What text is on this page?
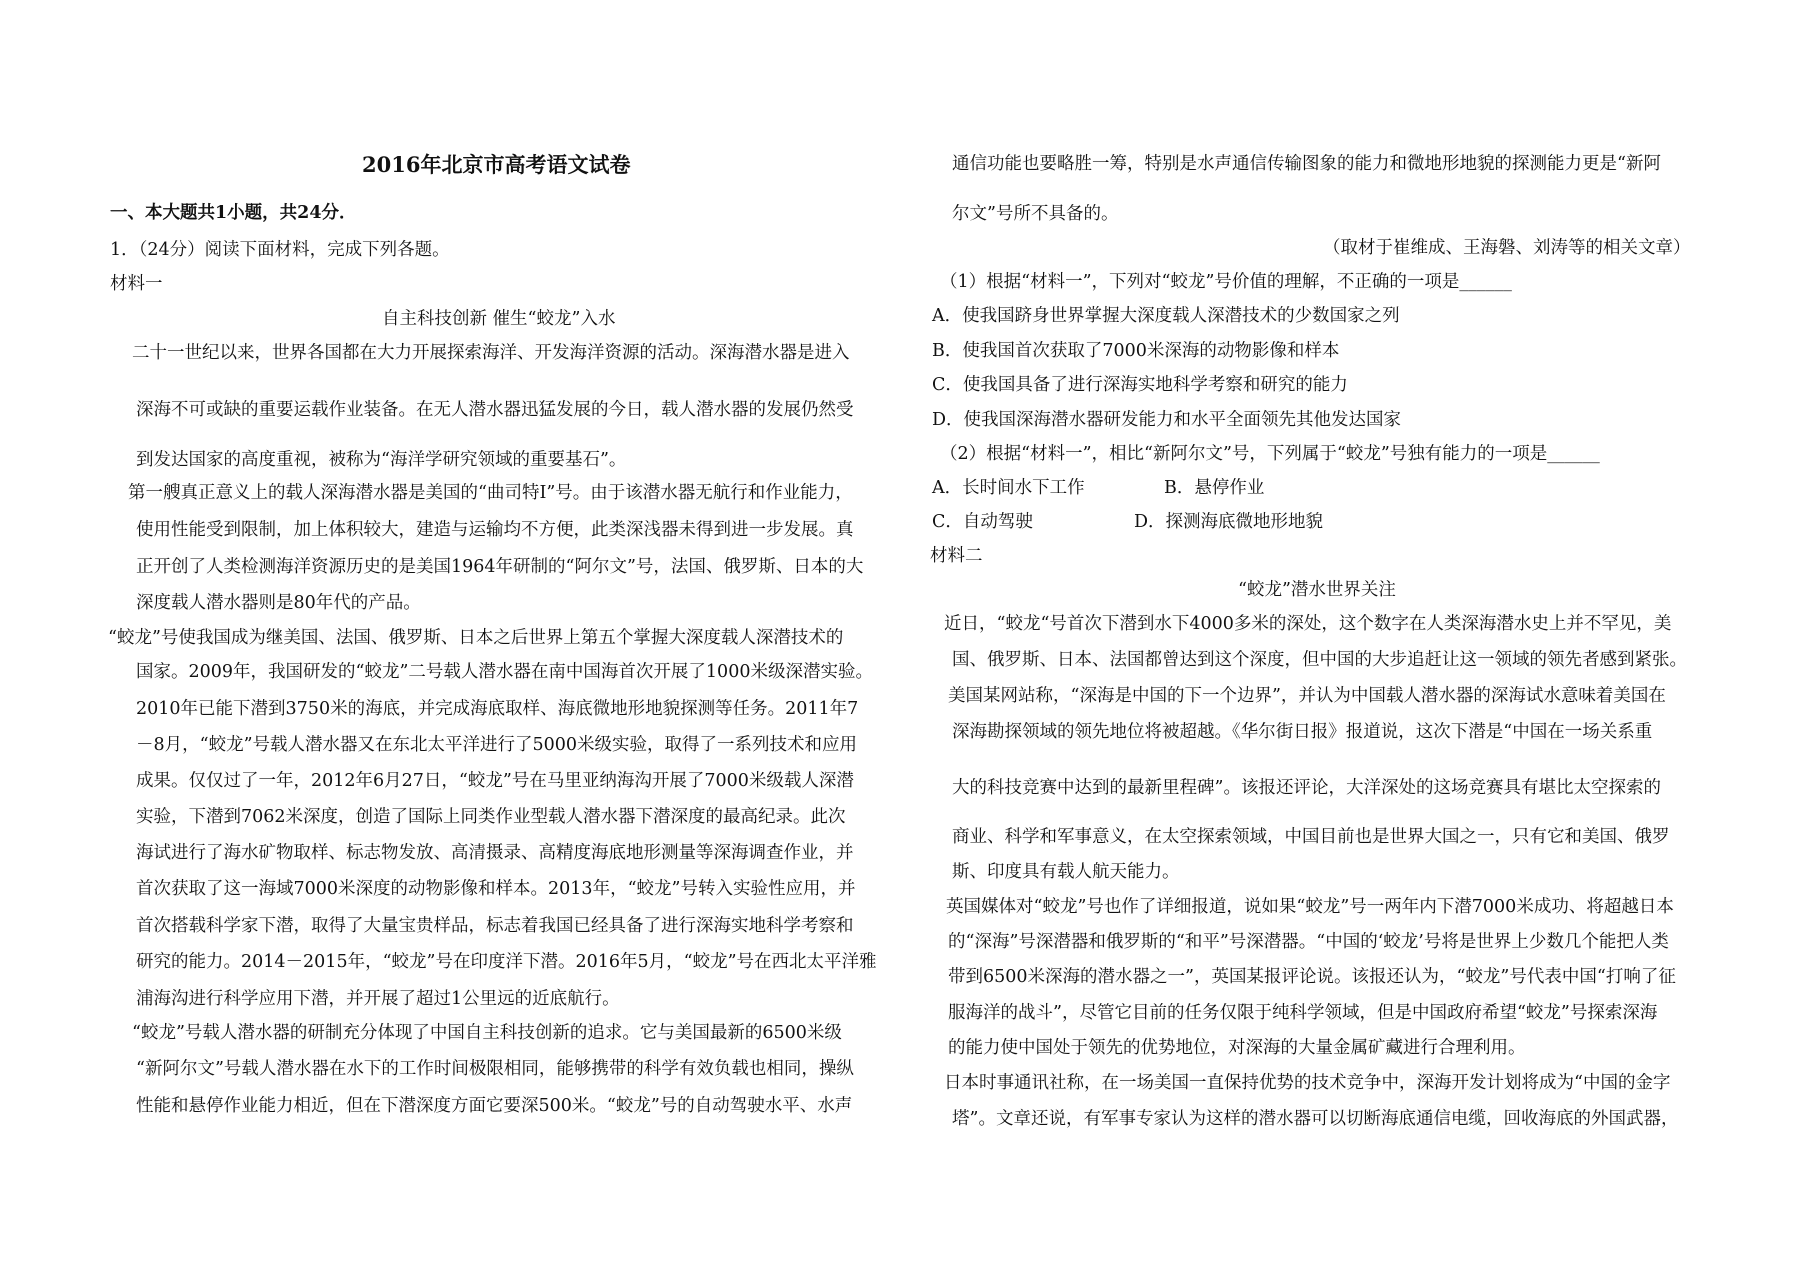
2016年北京市高考语文试卷
一、本大题共1小题，共24分．
1．（24分）阅读下面材料，完成下列各题。
材料一
自主科技创新 催生“蛟龙”入水
二十一世纪以来，世界各国都在大力开展探索海洋、开发海洋资源的活动。深海潜水器是进入
深海不可或缺的重要运载作业装备。在无人潜水器迅猛发展的今日，载人潜水器的发展仍然受
到发达国家的高度重视，被称为“海洋学研究领域的重要基石”。
第一艘真正意义上的载人深海潜水器是美国的“曲司特Ⅰ”号。由于该潜水器无航行和作业能力，
使用性能受到限制，加上体积较大，建造与运输均不方便，此类深浅器未得到进一步发展。真
正开创了人类检测海洋资源历史的是美国1964年研制的“阿尔文”号，法国、俄罗斯、日本的大
深度载人潜水器则是80年代的产品。
“蛟龙”号使我国成为继美国、法国、俄罗斯、日本之后世界上第五个掌握大深度载人深潜技术的
国家。2009年，我国研发的“蛟龙”二号载人潜水器在南中国海首次开展了1000米级深潜实验。
2010年已能下潜到3750米的海底，并完成海底取样、海底微地形地貌探测等任务。2011年7
－8月，“蛟龙”号载人潜水器又在东北太平洋进行了5000米级实验，取得了一系列技术和应用
成果。仅仅过了一年，2012年6月27日，“蛟龙”号在马里亚纳海沟开展了7000米级载人深潜
实验，下潜到7062米深度，创造了国际上同类作业型载人潜水器下潜深度的最高纪录。此次
海试进行了海水矿物取样、标志物发放、高清摄录、高精度海底地形测量等深海调查作业，并
首次获取了这一海域7000米深度的动物影像和样本。2013年，“蛟龙”号转入实验性应用，并
首次搭载科学家下潜，取得了大量宝贵样品，标志着我国已经具备了进行深海实地科学考察和
研究的能力。2014－2015年，“蛟龙”号在印度洋下潜。2016年5月，“蛟龙”号在西北太平洋雅
浦海沟进行科学应用下潜，并开展了超过1公里远的近底航行。
“蛟龙”号载人潜水器的研制充分体现了中国自主科技创新的追求。它与美国最新的6500米级
“新阿尔文”号载人潜水器在水下的工作时间极限相同，能够携带的科学有效负载也相同，操纵
性能和悬停作业能力相近，但在下潜深度方面它要深500米。“蛟龙”号的自动驾驶水平、水声
通信功能也要略胜一筹，特别是水声通信传输图象的能力和微地形地貌的探测能力更是“新阿
尔文”号所不具备的。
（取材于崔维成、王海磐、刘涛等的相关文章）
（1）根据“材料一”，下列对“蛟龙”号价值的理解，不正确的一项是______
A．使我国跻身世界掌握大深度载人深潜技术的少数国家之列
B．使我国首次获取了7000米深海的动物影像和样本
C．使我国具备了进行深海实地科学考察和研究的能力
D．使我国深海潜水器研发能力和水平全面领先其他发达国家
（2）根据“材料一”，相比“新阿尔文”号，下列属于“蛟龙”号独有能力的一项是______
A．长时间水下工作	B．悬停作业
C．自动驾驶	D．探测海底微地形地貌
材料二
“蛟龙”潜水世界关注
近日，“蛟龙“号首次下潜到水下4000多米的深处，这个数字在人类深海潜水史上并不罕见，美
国、俄罗斯、日本、法国都曾达到这个深度，但中国的大步追赶让这一领域的领先者感到紧张。
美国某网站称，“深海是中国的下一个边界”，并认为中国载人潜水器的深海试水意味着美国在
深海勘探领域的领先地位将被超越。《华尔街日报》报道说，这次下潜是“中国在一场关系重
大的科技竞赛中达到的最新里程碑”。该报还评论，大洋深处的这场竞赛具有堪比太空探索的
商业、科学和军事意义，在太空探索领域，中国目前也是世界大国之一，只有它和美国、俄罗
斯、印度具有载人航天能力。
英国媒体对“蛟龙”号也作了详细报道，说如果“蛟龙”号一两年内下潜7000米成功、将超越日本
的“深海”号深潜器和俄罗斯的“和平”号深潜器。“中国的‘蛟龙’号将是世界上少数几个能把人类
带到6500米深海的潜水器之一”，英国某报评论说。该报还认为，“蛟龙”号代表中国“打响了征
服海洋的战斗”，尽管它目前的任务仅限于纯科学领域，但是中国政府希望“蛟龙”号探索深海
的能力使中国处于领先的优势地位，对深海的大量金属矿藏进行合理利用。
日本时事通讯社称，在一场美国一直保持优势的技术竞争中，深海开发计划将成为“中国的金字
塔”。文章还说，有军事专家认为这样的潜水器可以切断海底通信电缆，回收海底的外国武器，
